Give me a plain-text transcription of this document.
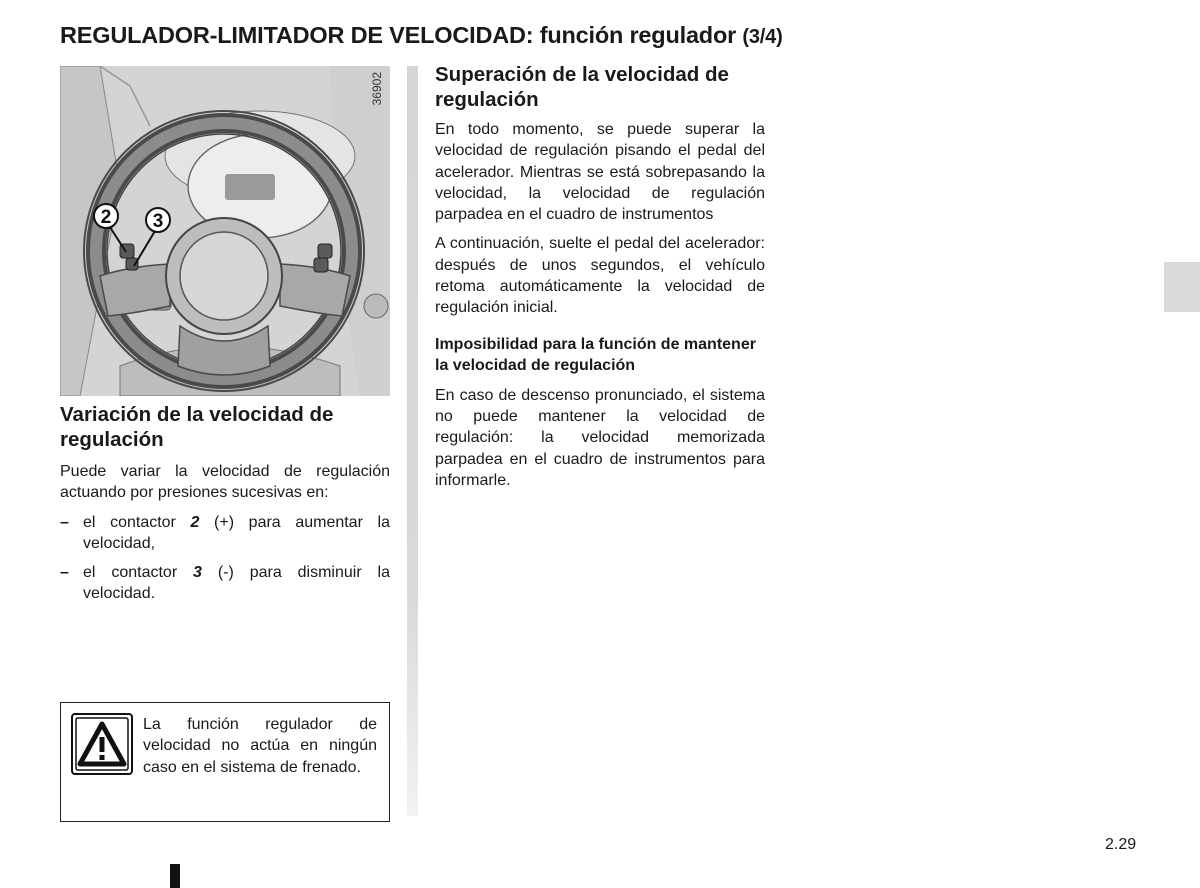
REGULADOR-LIMITADOR DE VELOCIDAD: función regulador (3/4)
2 3
36902
Variación de la velocidad de regulación

Puede variar la velocidad de regulación actuando por presiones sucesivas en:

– el contactor 2 (+) para aumentar la velocidad,
– el contactor 3 (-) para disminuir la velocidad.

La función regulador de velocidad no actúa en ningún caso en el sistema de frenado.

Superación de la velocidad de regulación

En todo momento, se puede superar la velocidad de regulación pisando el pedal del acelerador. Mientras se está sobrepasando la velocidad, la velocidad de regulación parpadea en el cuadro de instrumentos

A continuación, suelte el pedal del acelerador: después de unos segundos, el vehículo retoma automáticamente la velocidad de regulación inicial.

Imposibilidad para la función de mantener la velocidad de regulación

En caso de descenso pronunciado, el sistema no puede mantener la velocidad de regulación: la velocidad memorizada parpadea en el cuadro de instrumentos para informarle.

2.29
